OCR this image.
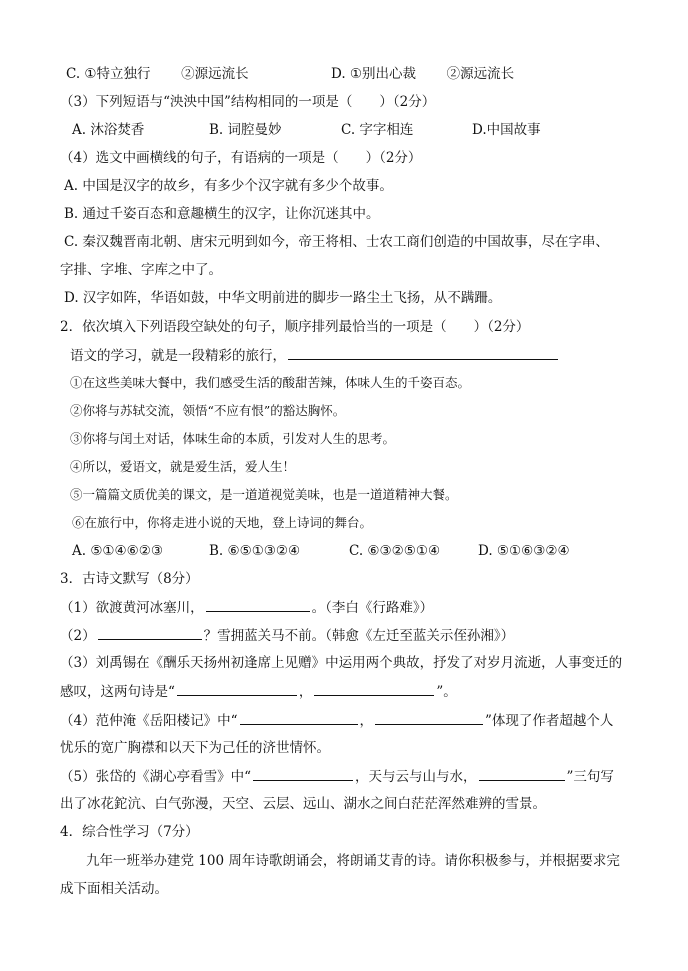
C. ①特立独行 ②源远流长	D. ①别出心裁 ②源远流长
（3）下列短语与“泱泱中国”结构相同的一项是（　　）（2分）
A. 沐浴焚香	B. 词腔曼妙	C. 字字相连	D.中国故事
（4）选文中画横线的句子，有语病的一项是（　　）（2分）
A. 中国是汉字的故乡，有多少个汉字就有多少个故事。
B. 通过千姿百态和意趣横生的汉字，让你沉迷其中。
C. 秦汉魏晋南北朝、唐宋元明到如今，帝王将相、士农工商们创造的中国故事，尽在字串、
字排、字堆、字库之中了。
D. 汉字如阵，华语如鼓，中华文明前进的脚步一路尘土飞扬，从不蹒跚。
2．依次填入下列语段空缺处的句子，顺序排列最恰当的一项是（　　）（2分）
语文的学习，就是一段精彩的旅行，
①在这些美味大餐中，我们感受生活的酸甜苦辣，体味人生的千姿百态。
②你将与苏轼交流，领悟“不应有恨”的豁达胸怀。
③你将与闰土对话，体味生命的本质，引发对人生的思考。
④所以，爱语文，就是爱生活，爱人生！
⑤一篇篇文质优美的课文，是一道道视觉美味，也是一道道精神大餐。
⑥在旅行中，你将走进小说的天地，登上诗词的舞台。
A. ⑤①④⑥②③	B. ⑥⑤①③②④	C. ⑥③②⑤①④	D. ⑤①⑥③②④
3．古诗文默写（8分）
（1）欲渡黄河冰塞川，	。（李白《行路难》）
（2）	？雪拥蓝关马不前。（韩愈《左迁至蓝关示侄孙湘》）
（3）刘禹锡在《酬乐天扬州初逢席上见赠》中运用两个典故，抒发了对岁月流逝，人事变迁的
感叹，这两句诗是“	，	”。
（4）范仲淹《岳阳楼记》中“	，	”体现了作者超越个人
忧乐的宽广胸襟和以天下为己任的济世情怀。
（5）张岱的《湖心亭看雪》中“	，天与云与山与水，	”三句写
出了冰花鉈沆、白气弥漫，天空、云层、远山、湖水之间白茫茫浑然难辨的雪景。
4．综合性学习（7分）
九年一班举办建党 100 周年诗歌朗诵会，将朗诵艾青的诗。请你积极参与，并根据要求完
成下面相关活动。
